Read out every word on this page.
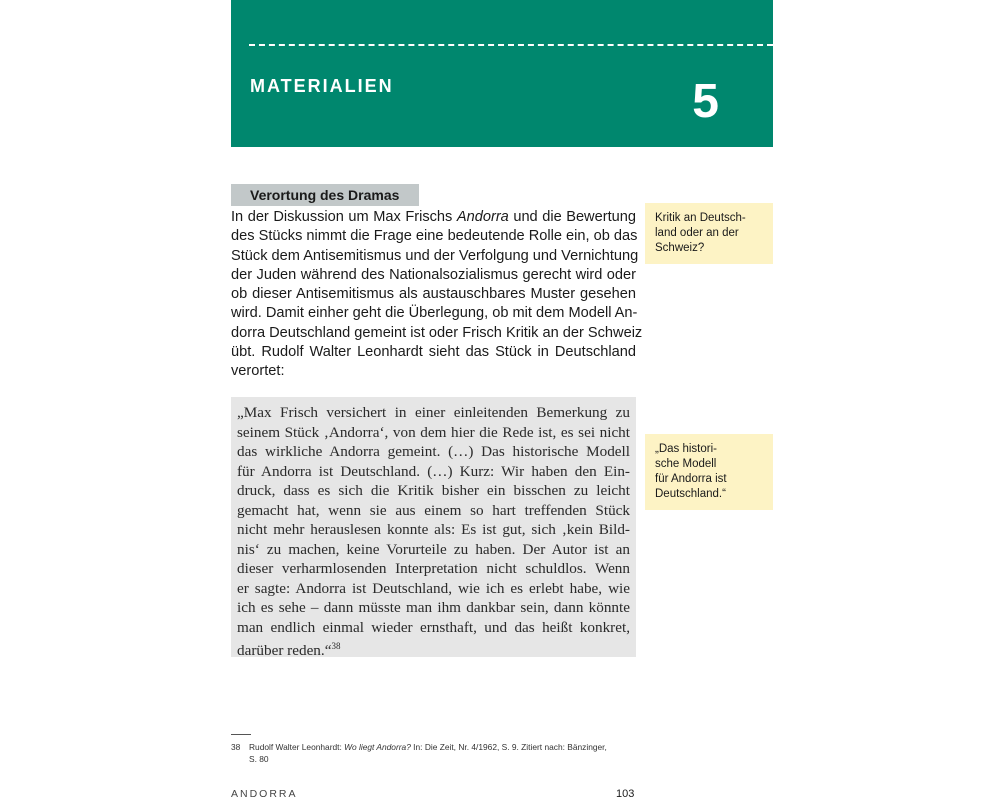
MATERIALIEN	5
Verortung des Dramas
In der Diskussion um Max Frischs Andorra und die Bewertung
des Stücks nimmt die Frage eine bedeutende Rolle ein, ob das
Stück dem Antisemitismus und der Verfolgung und Vernichtung
der Juden während des Nationalsozialismus gerecht wird oder
ob dieser Antisemitismus als austauschbares Muster gesehen
wird. Damit einher geht die Überlegung, ob mit dem Modell An-
dorra Deutschland gemeint ist oder Frisch Kritik an der Schweiz
übt. Rudolf Walter Leonhardt sieht das Stück in Deutschland
verortet:
„Max Frisch versichert in einer einleitenden Bemerkung zu
seinem Stück ‚Andorra‘, von dem hier die Rede ist, es sei nicht
das wirkliche Andorra gemeint. (…) Das historische Modell
für Andorra ist Deutschland. (…) Kurz: Wir haben den Ein-
druck, dass es sich die Kritik bisher ein bisschen zu leicht
gemacht hat, wenn sie aus einem so hart treffenden Stück
nicht mehr herauslesen konnte als: Es ist gut, sich ‚kein Bild-
nis‘ zu machen, keine Vorurteile zu haben. Der Autor ist an
dieser verharmlosenden Interpretation nicht schuldlos. Wenn
er sagte: Andorra ist Deutschland, wie ich es erlebt habe, wie
ich es sehe – dann müsste man ihm dankbar sein, dann könnte
man endlich einmal wieder ernsthaft, und das heißt konkret,
darüber reden.“$^{38}$
Kritik an Deutsch-
land oder an der
Schweiz?
„Das histori-
sche Modell
für Andorra ist
Deutschland.“
38 Rudolf Walter Leonhardt: Wo liegt Andorra? In: Die Zeit, Nr. 4/1962, S. 9. Zitiert nach: Bänzinger,
S. 80
ANDORRA	103
